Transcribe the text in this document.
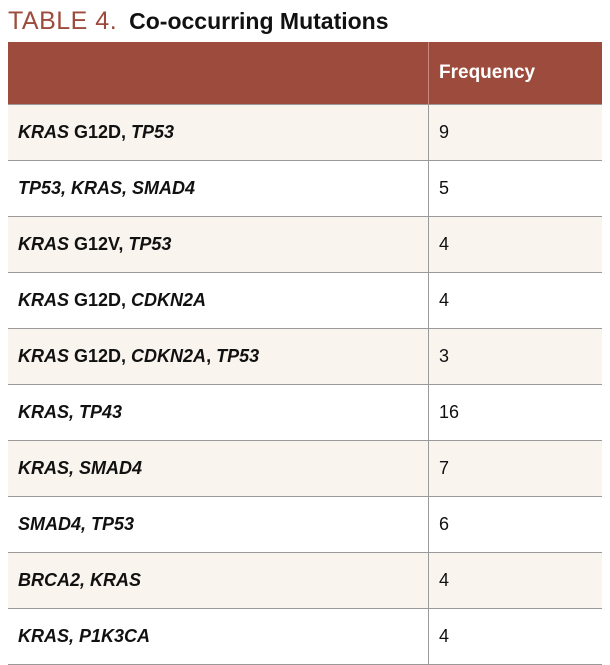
TABLE 4. Co-occurring Mutations
	Frequency
KRAS G12D, TP53	9
TP53, KRAS, SMAD4	5
KRAS G12V, TP53	4
KRAS G12D, CDKN2A	4
KRAS G12D, CDKN2A, TP53	3
KRAS, TP43	16
KRAS, SMAD4	7
SMAD4, TP53	6
BRCA2, KRAS	4
KRAS, P1K3CA	4
